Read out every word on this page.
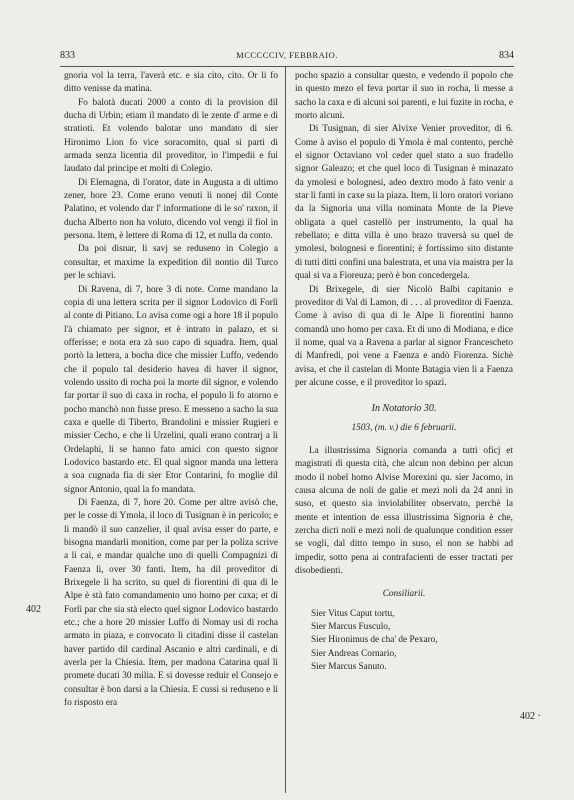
833	MCCCCCIV, FEBBRAIO.	834

gnoria vol la terra, l'averà etc. e sia cito, cito. Or li fo ditto venisse da matina.

Fo balotà ducati 2000 a conto di la provision dil ducha di Urbin; etiam il mandato di le zente d' arme e di stratioti. Et volendo balotar uno mandato di sier Hironimo Lion fo vice soracomito, qual si parti di armada senza licentia dil proveditor, io l'impedii e fui laudato dal principe et molti di Colegio.

Di Elemagna, di l'orator, date in Augusta a di ultimo zener, hore 23. Come erano venuti li nonej dil Conte Palatino, et volendo dar l' informatione di le so' raxon, il ducha Alberto non ha voluto, dicendo vol vengi il fiol in persona. Item, è lettere di Roma di 12, et nulla da conto.

Da poi disnar, li savj se reduseno in Colegio a consultar, et maxime la expedition dil nontio dil Turco per le schiavi.

Di Ravena, di 7, hore 3 di note. Come mandano la copia di una lettera scrita per il signor Lodovico di Forlì al conte di Pitiano. Lo avisa come ogi a hore 18 il populo l'à chiamato per signor, et è intrato in palazo, et si offerisse; e nota era zà suo capo di squadra. Item, qual portò la lettera, a bocha dice che missier Luffo, vedendo che il populo tal desiderio havea di haver il signor, volendo ussito di rocha poi la morte dil signor, e volendo far portar il suo di caxa in rocha, el populo li fo atorno e pocho manchò non fusse preso. E messeno a sacho la sua caxa e quelle di Tiberto, Brandolini e missier Rugieri e missier Cecho, e che li Urzelini, quali erano contrarj a li Ordelaphi, li se hanno fato amici con questo signor Lodovico bastardo etc. El qual signor manda una lettera a soa cugnada fia di sier Etor Contarini, fo moglie dil signor Antonio, qual la fo mandata.

Di Faenza, di 7, hore 20. Come per altre avisò che, per le cosse di Ymola, il loco di Tusignan è in pericolo; e li mandò il suo canzelier, il qual avisa esser do parte, e bisogna mandarli monition, come par per la poliza scrive a li cai, e mandar qualche uno di quelli Compagnizi di Faenza li, over 30 fanti. Item, ha dil proveditor di Brixegele li ha scrito, su quel di fiorentini di qua di le Alpe è stà fato comandamento uno homo per caxa; et di Forlì par che sia stà electo quel signor Lodovico bastardo etc.; che a hore 20 missier Luffo di Nomay usì di rocha armato in piaza, e convocato li citadini disse il castelan haver partido dil cardinal Ascanio e altri cardinali, e di averla per la Chiesia. Item, per madona Catarina qual li promete ducati 30 milia. E si dovesse reduir el Consejo e consultar è bon darsi a la Chiesia. E cussì si reduseno e li fo risposto era

pocho spazio a consultar questo, e vedendo il popolo che in questo mezo el feva portar il suo in rocha, li messe a sacho la caxa e di alcuni soi parenti, e lui fuzite in rocha, e morto alcuni.

Di Tusignan, di sier Alvixe Venier proveditor, di 6. Come à aviso el populo di Ymola è mal contento, perchè el signor Octaviano vol ceder quel stato a suo fradello signor Galeazo; et che quel loco di Tusignan è minazato da ymolesi e bolognesi, adeo dextro modo à fato venir a star lì fanti in caxe su la piaza. Item, li loro oratori voriano da la Signoria una villa nominata Monte de la Pieve obligata a quel castellò per instrumento, la qual ha rebellato; e ditta villa è uno brazo traversà su quel de ymolesi, bolognesi e fiorentini; è fortissimo sito distante di tutti ditti confini una balestrata, et una via maistra per la qual si va a Fioreuza; però è bon concedergela.

Di Brixegele, di sier Nicolò Balbi capitanio e proveditor di Val di Lamon, di . . . al proveditor di Faenza. Come à aviso di qua di le Alpe li fiorentini hanno comandà uno homo per caxa. Et di uno di Modiana, e dice il nome, qual va a Ravena a parlar al signor Francescheto di Manfredi, poi vene a Faenza e andò Fiorenza. Sichè avisa, et che il castelan di Monte Batagia vien lì a Faenza per alcune cosse, e il proveditor lo spazi.

In Notatorio 30.

1503, (m. v.) die 6 februarii.

La illustrissima Signoria comanda a tutti oficj et magistrati di questa cità, che alcun non debino per alcun modo il nobel homo Alvise Morexini qu. sier Jacomo, in causa alcuna de noli de galie et mezi noli da 24 anni in suso, et questo sia inviolabiliter observato, perchè la mente et intention de essa illustrissima Signoria è che, zercha dicti noli e mezi noli de qualunque condition esser se vogli, dal ditto tempo in suso, el non se habbi ad impedir, sotto pena ai contrafacienti de esser tractati per disobedienti.

Consiliarii.

Sier Vitus Caput tortu,

Sier Marcus Fusculo,

Sier Hironimus de cha' de Pexaro,

Sier Andreas Cornario,

Sier Marcus Sanuto.

402
402 ·
